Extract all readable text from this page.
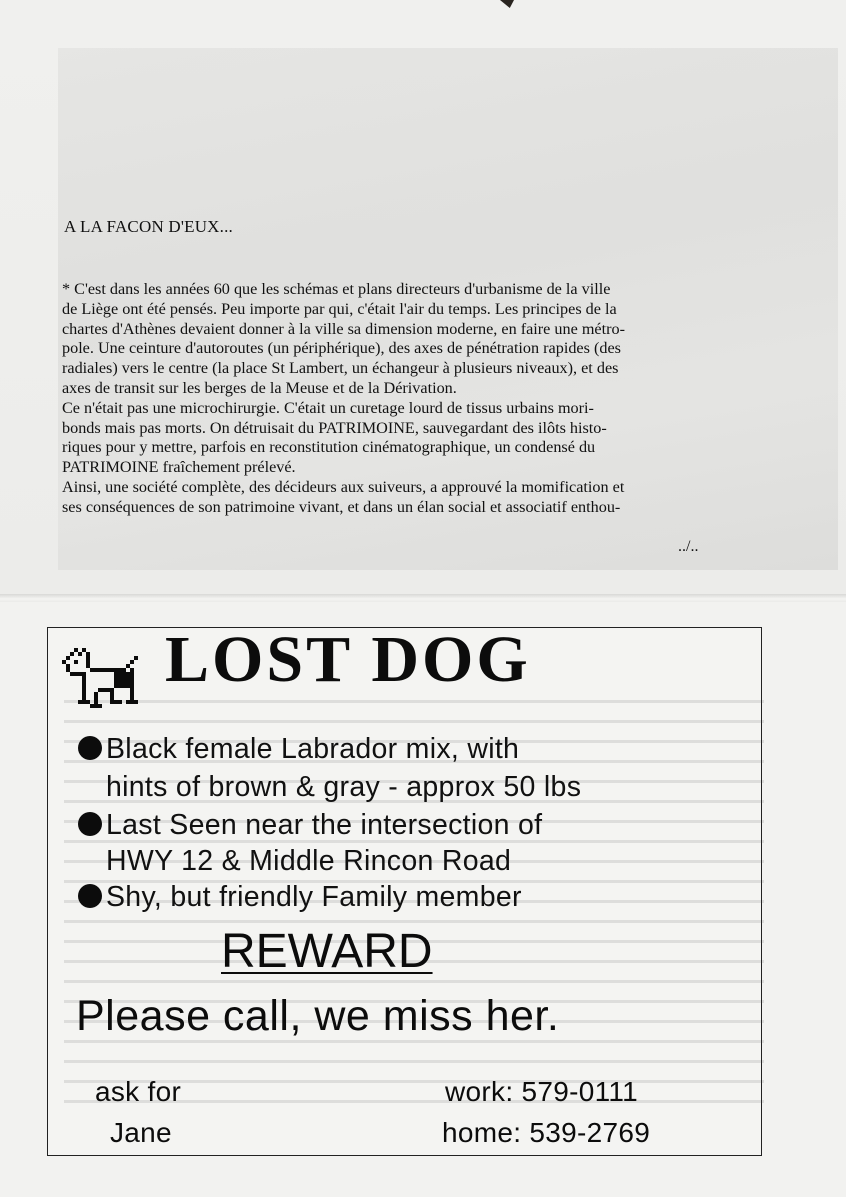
A LA FACON D'EUX...

* C'est dans les années 60 que les schémas et plans directeurs d'urbanisme de la ville

de Liège ont été pensés. Peu importe par qui, c'était l'air du temps. Les principes de la

chartes d'Athènes devaient donner à la ville sa dimension moderne, en faire une métro-

pole. Une ceinture d'autoroutes (un périphérique), des axes de pénétration rapides (des

radiales) vers le centre (la place St Lambert, un échangeur à plusieurs niveaux), et des

axes de transit sur les berges de la Meuse et de la Dérivation.

Ce n'était pas une microchirurgie. C'était un curetage lourd de tissus urbains mori-

bonds mais pas morts. On détruisait du PATRIMOINE, sauvegardant des ilôts histo-

riques pour y mettre, parfois en reconstitution cinématographique, un condensé du

PATRIMOINE fraîchement prélevé.

Ainsi, une société complète, des décideurs aux suiveurs, a approuvé la momification et

ses conséquences de son patrimoine vivant, et dans un élan social et associatif enthou-

../..
LOST DOG
Black female Labrador mix, with
hints of brown & gray - approx 50 lbs
Last Seen near the intersection of
HWY 12 & Middle Rincon Road
Shy, but friendly Family member
REWARD
Please call, we miss her.
ask for
Jane
work: 579-0111
home: 539-2769
